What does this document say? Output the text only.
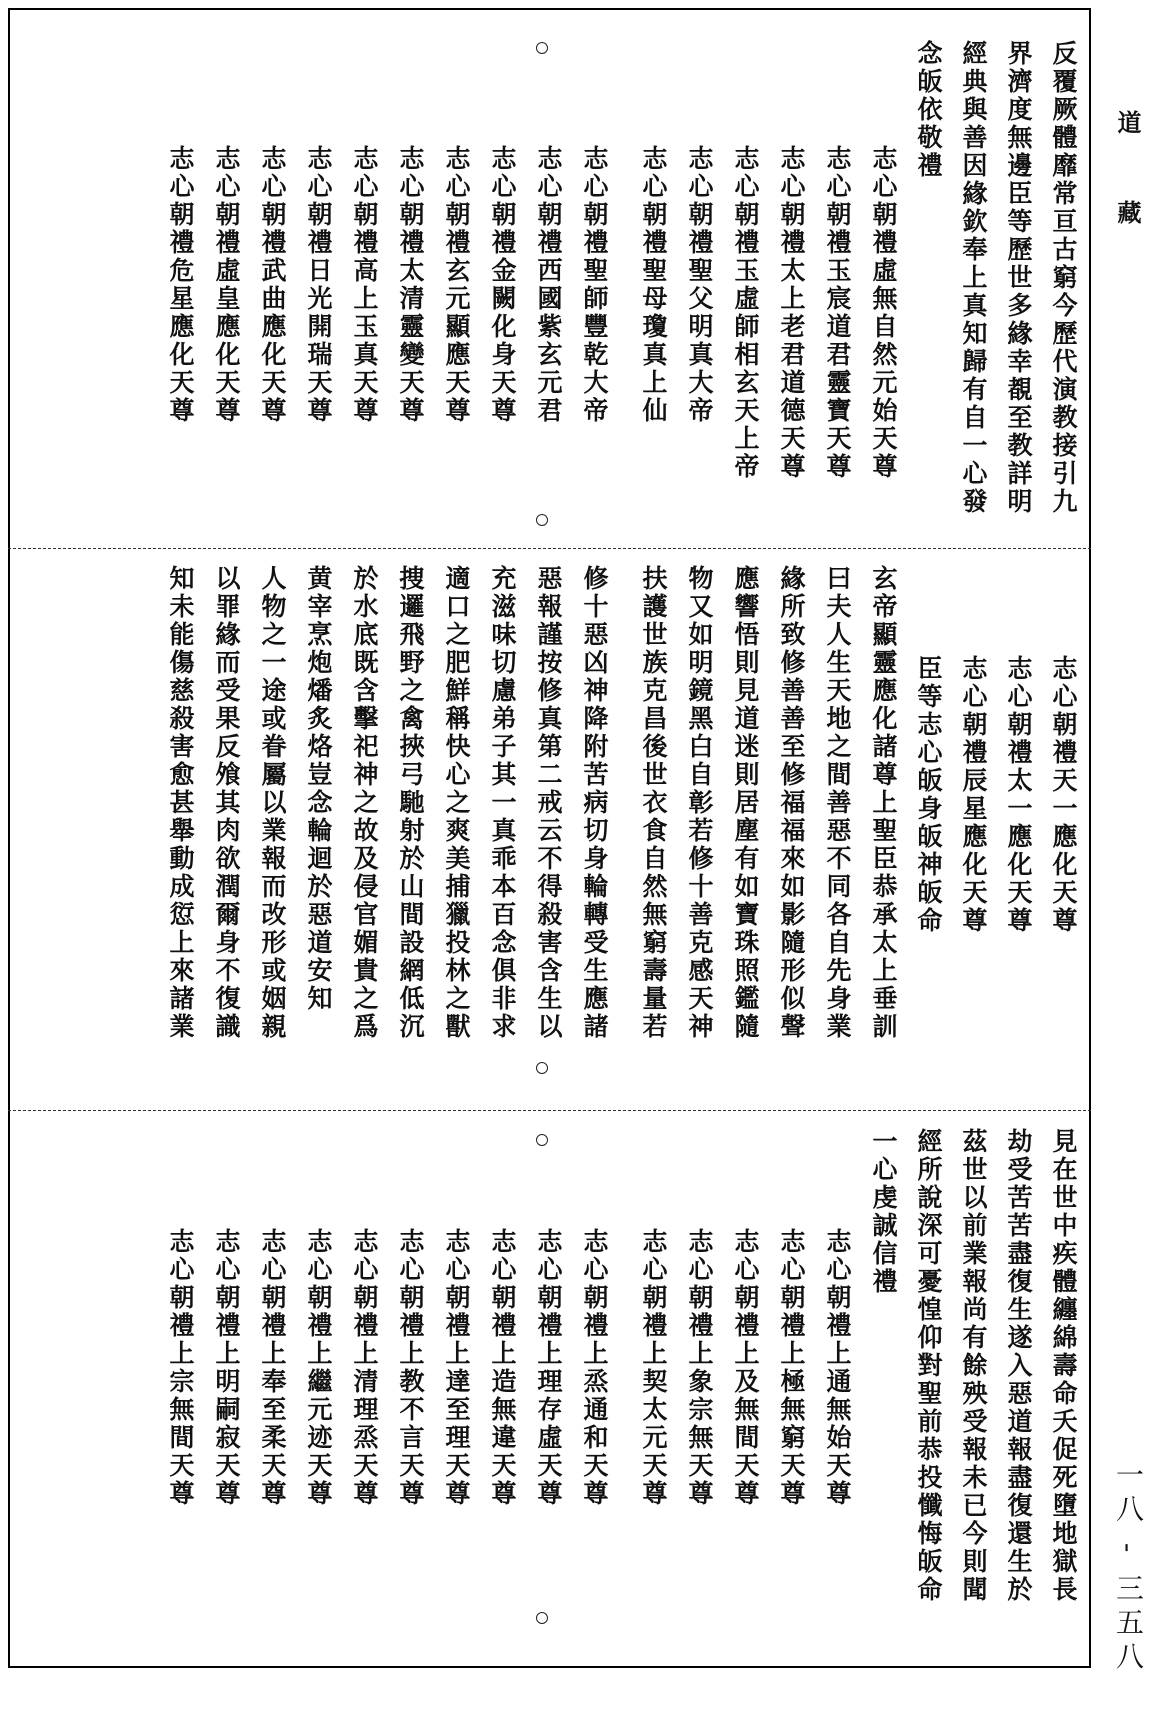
反覆厥體靡常亘古窮今歷代演教接引九
界濟度無邊臣等歷世多緣幸覩至教詳明
經典與善因緣欽奉上真知歸有自一心發
念皈依敬禮
志心朝禮虛無自然元始天尊
志心朝禮玉宸道君靈寶天尊
志心朝禮太上老君道德天尊
志心朝禮玉虛師相玄天上帝
志心朝禮聖父明真大帝
志心朝禮聖母瓊真上仙
志心朝禮聖師豐乾大帝
志心朝禮西國紫玄元君
志心朝禮金闕化身天尊
志心朝禮玄元顯應天尊
志心朝禮太清靈變天尊
志心朝禮高上玉真天尊
志心朝禮日光開瑞天尊
志心朝禮武曲應化天尊
志心朝禮虛皇應化天尊
志心朝禮危星應化天尊
志心朝禮天一應化天尊
志心朝禮太一應化天尊
志心朝禮辰星應化天尊
臣等志心皈身皈神皈命
玄帝顯靈應化諸尊上聖臣恭承太上垂訓
曰夫人生天地之間善惡不同各自先身業
緣所致修善善至修福福來如影隨形似聲
應響悟則見道迷則居塵有如寶珠照鑑隨
物又如明鏡黑白自彰若修十善克感天神
扶護世族克昌後世衣食自然無窮壽量若
修十惡凶神降附苦病切身輪轉受生應諸
惡報謹按修真第二戒云不得殺害含生以
充滋味切慮弟子其一真乖本百念俱非求
適口之肥鮮稱快心之爽美捕獵投林之獸
捜邏飛野之禽挾弓馳射於山間設網低沉
於水底既含擊祀神之故及侵官媚貴之爲
黄宰烹炮燔炙烙豈念輪迴於惡道安知
人物之一途或眷屬以業報而改形或姻親
以罪緣而受果反飧其肉欲潤爾身不復識
知未能傷慈殺害愈甚舉動成愆上來諸業
見在世中疾體纏綿壽命夭促死墮地獄長
劫受苦苦盡復生遂入惡道報盡復還生於
茲世以前業報尚有餘殃受報未已今則聞
經所說深可憂惶仰對聖前恭投懺悔皈命
一心虔誠信禮
志心朝禮上通無始天尊
志心朝禮上極無窮天尊
志心朝禮上及無間天尊
志心朝禮上象宗無天尊
志心朝禮上契太元天尊
志心朝禮上烝通和天尊
志心朝禮上理存虛天尊
志心朝禮上造無違天尊
志心朝禮上達至理天尊
志心朝禮上教不言天尊
志心朝禮上清理烝天尊
志心朝禮上繼元迹天尊
志心朝禮上奉至柔天尊
志心朝禮上明嗣寂天尊
志心朝禮上宗無間天尊
道
藏
一八 - 三五八
